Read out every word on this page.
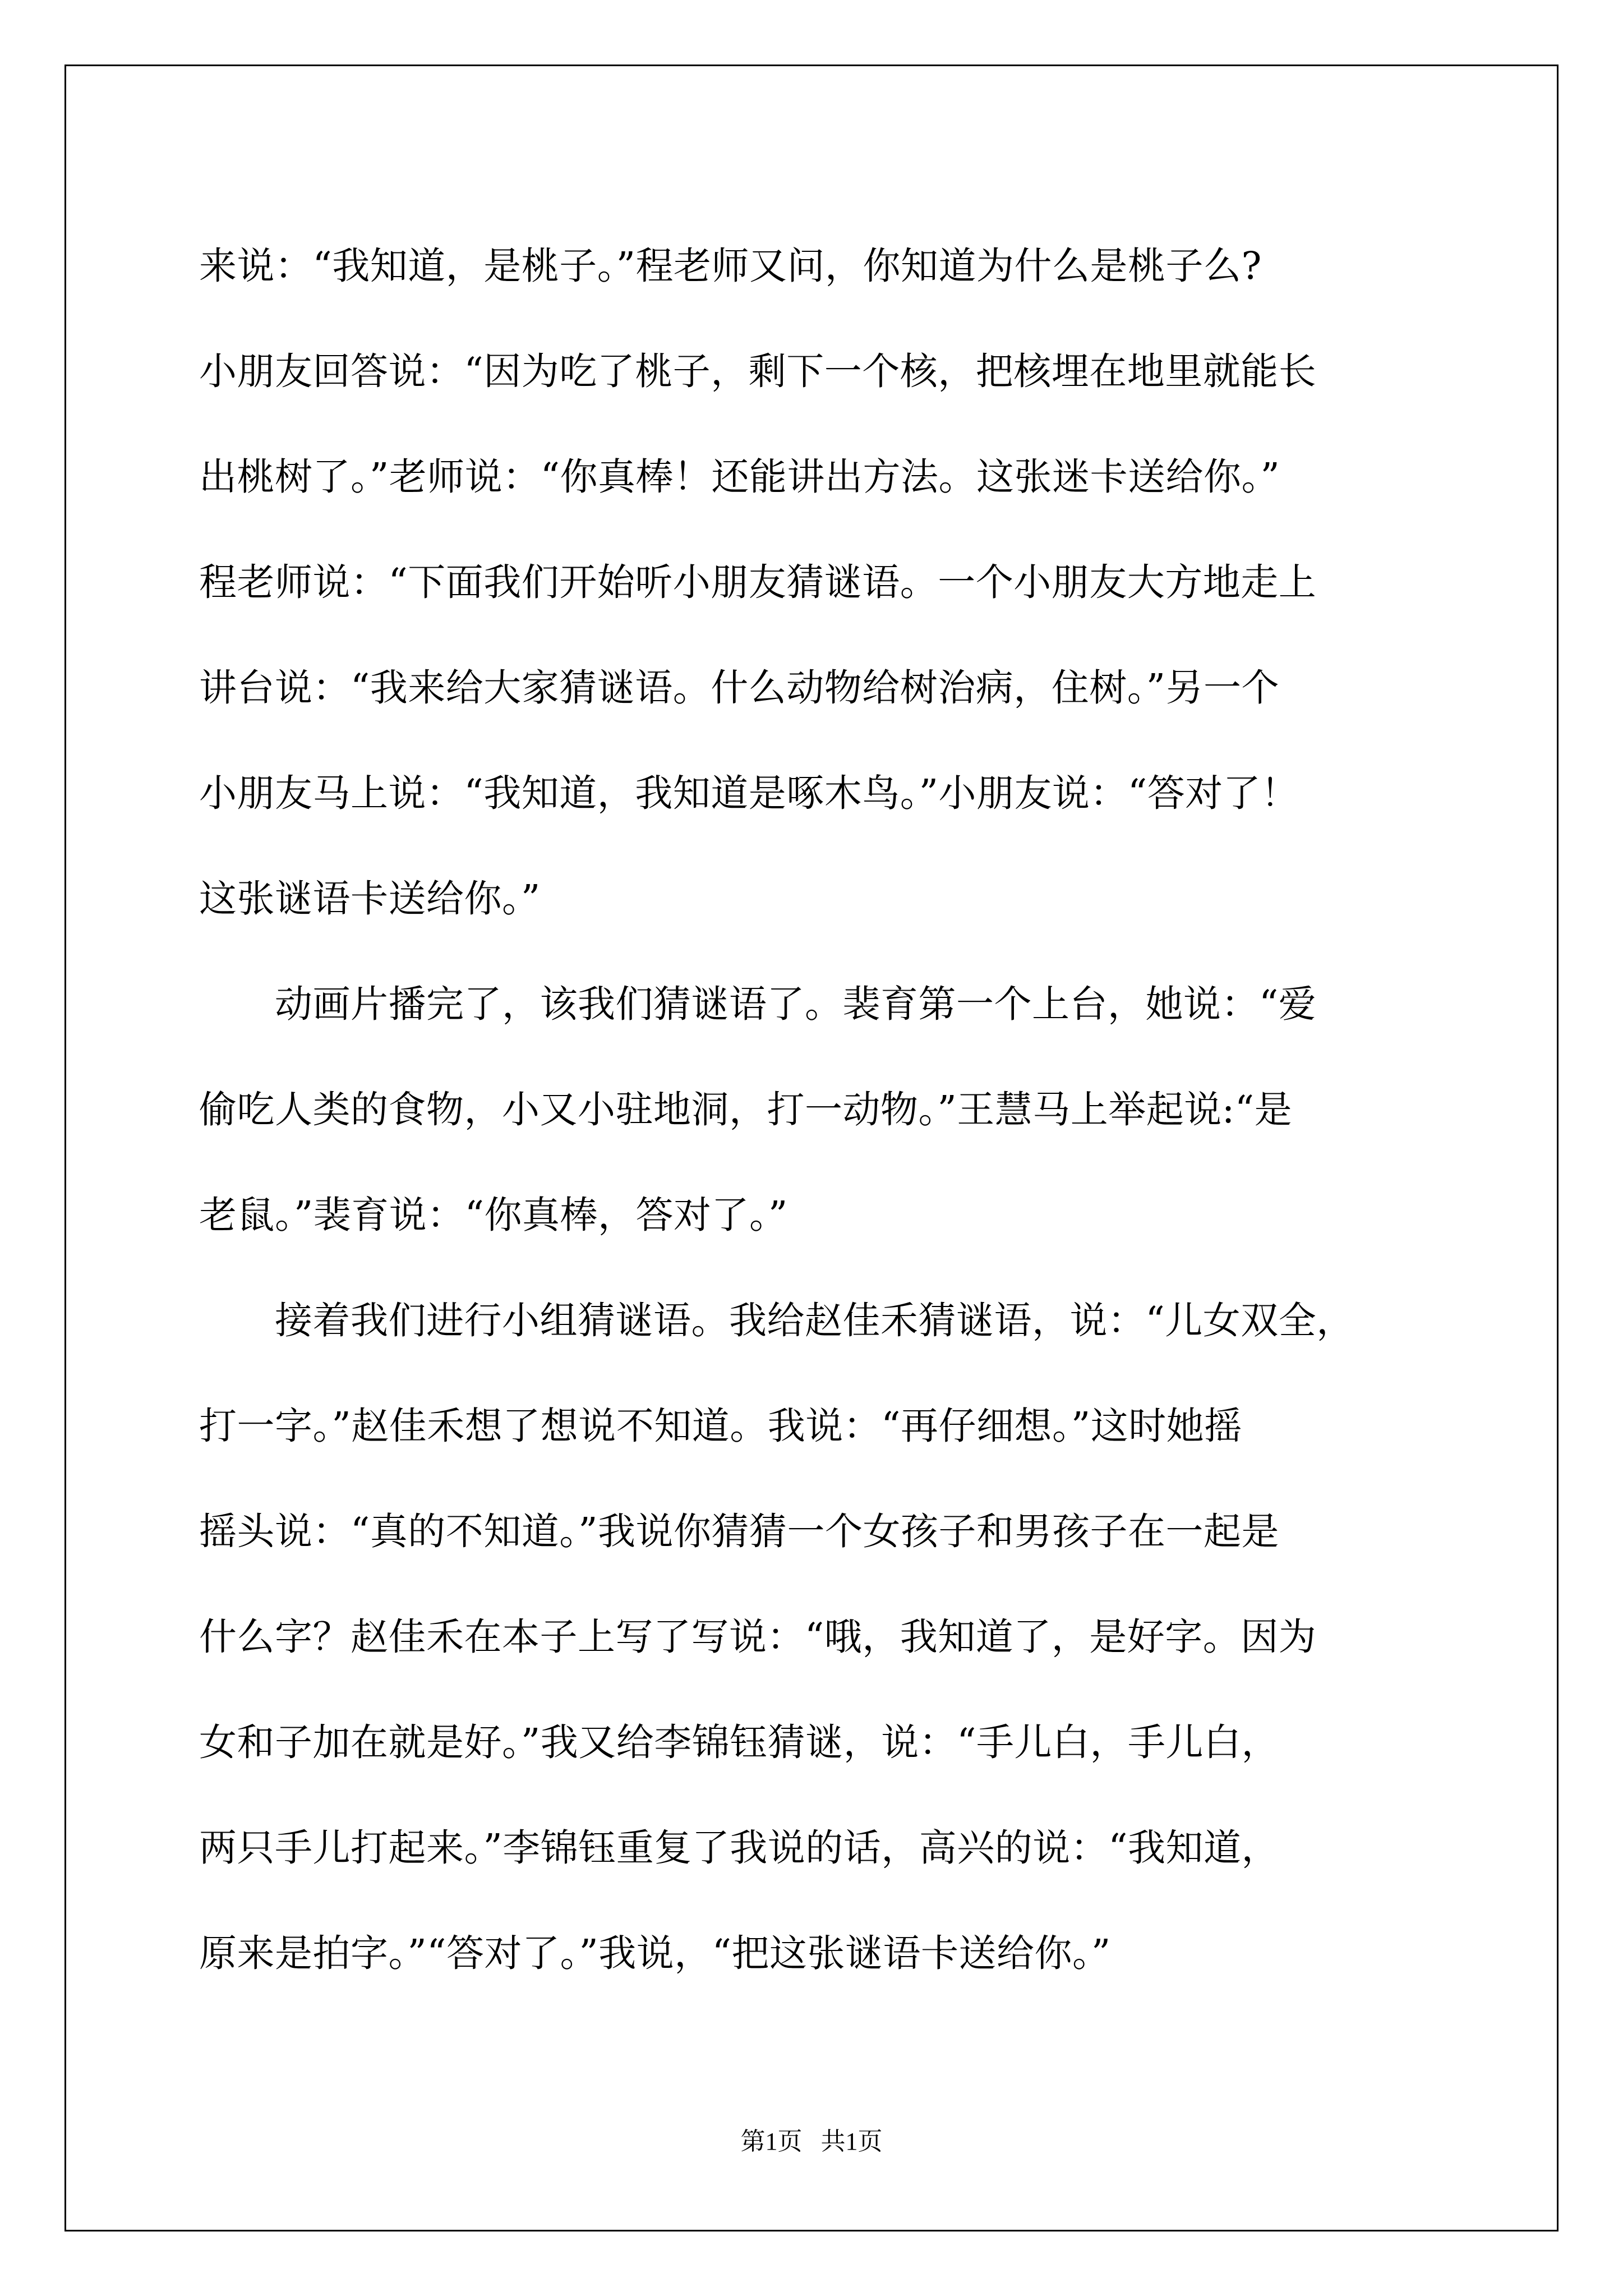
来说：“我知道，是桃子。”程老师又问，你知道为什么是桃子么?
小朋友回答说：“因为吃了桃子，剩下一个核，把核埋在地里就能长
出桃树了。”老师说：“你真棒！还能讲出方法。这张迷卡送给你。”
程老师说：“下面我们开始听小朋友猜谜语。一个小朋友大方地走上
讲台说：“我来给大家猜谜语。什么动物给树治病，住树。”另一个
小朋友马上说：“我知道，我知道是啄木鸟。”小朋友说：“答对了！
这张谜语卡送给你。”

　　动画片播完了，该我们猜谜语了。裴育第一个上台，她说：“爱
偷吃人类的食物，小又小驻地洞，打一动物。”王慧马上举起说:“是
老鼠。”裴育说：“你真棒，答对了。”

　　接着我们进行小组猜谜语。我给赵佳禾猜谜语，说：“儿女双全，
打一字。”赵佳禾想了想说不知道。我说：“再仔细想。”这时她摇
摇头说：“真的不知道。”我说你猜猜一个女孩子和男孩子在一起是
什么字？赵佳禾在本子上写了写说：“哦，我知道了，是好字。因为
女和子加在就是好。”我又给李锦钰猜谜，说：“手儿白，手儿白，
两只手儿打起来。”李锦钰重复了我说的话，高兴的说：“我知道，
原来是拍字。”“答对了。”我说，“把这张谜语卡送给你。”

第1页 共1页
